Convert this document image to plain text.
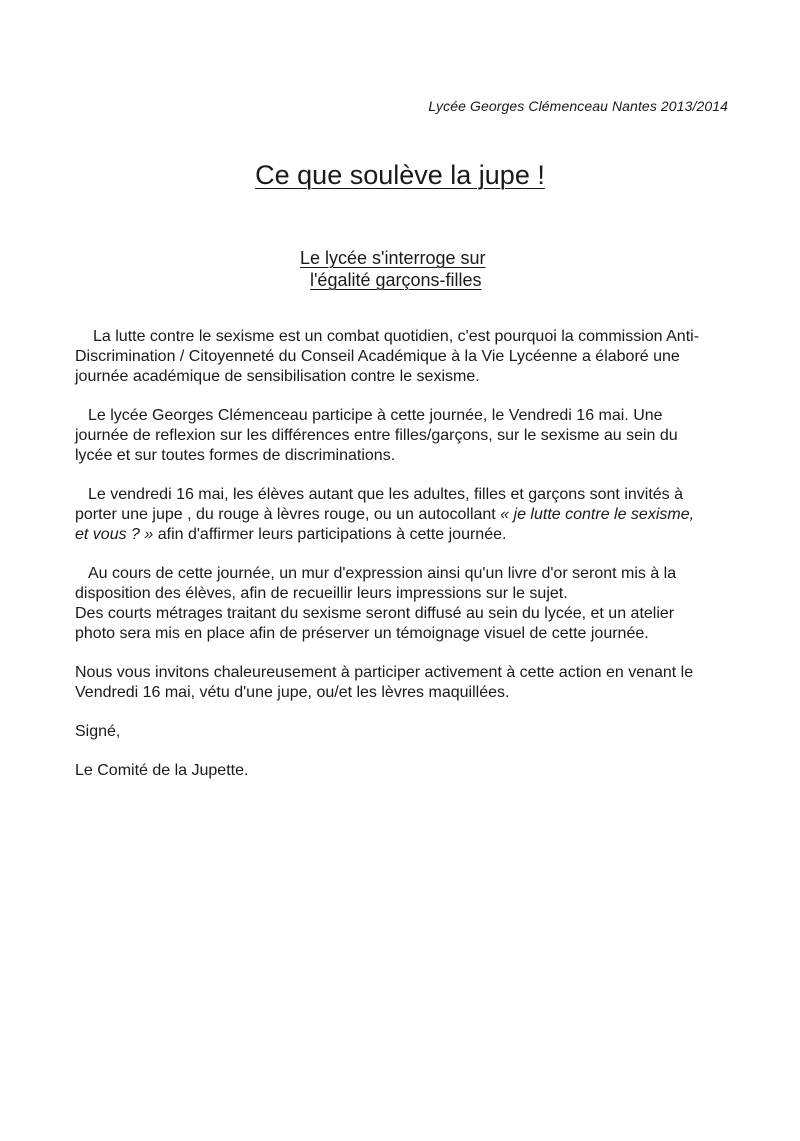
Lycée Georges Clémenceau Nantes 2013/2014
Ce que soulève la jupe !
Le lycée s'interroge sur
l'égalité garçons-filles
La lutte contre le sexisme est un combat quotidien, c'est pourquoi la commission Anti-
Discrimination / Citoyenneté du Conseil Académique à la Vie Lycéenne a élaboré une
journée académique de sensibilisation contre le sexisme.
Le lycée Georges Clémenceau participe à cette journée, le Vendredi 16 mai. Une
journée de reflexion sur les différences entre filles/garçons, sur le sexisme au sein du
lycée et sur toutes formes de discriminations.
Le vendredi 16 mai, les élèves autant que les adultes, filles et garçons sont invités à
porter une jupe , du rouge à lèvres rouge, ou un autocollant « je lutte contre le sexisme,
et vous ? » afin d'affirmer leurs participations à cette journée.
Au cours de cette journée, un mur d'expression ainsi qu'un livre d'or seront mis à la
disposition des élèves, afin de recueillir leurs impressions sur le sujet.
Des courts métrages traitant du sexisme seront diffusé au sein du lycée, et un atelier
photo sera mis en place afin de préserver un témoignage visuel de cette journée.
Nous vous invitons chaleureusement à participer activement à cette action en venant le
Vendredi 16 mai, vétu d'une jupe, ou/et les lèvres maquillées.
Signé,
Le Comité de la Jupette.
